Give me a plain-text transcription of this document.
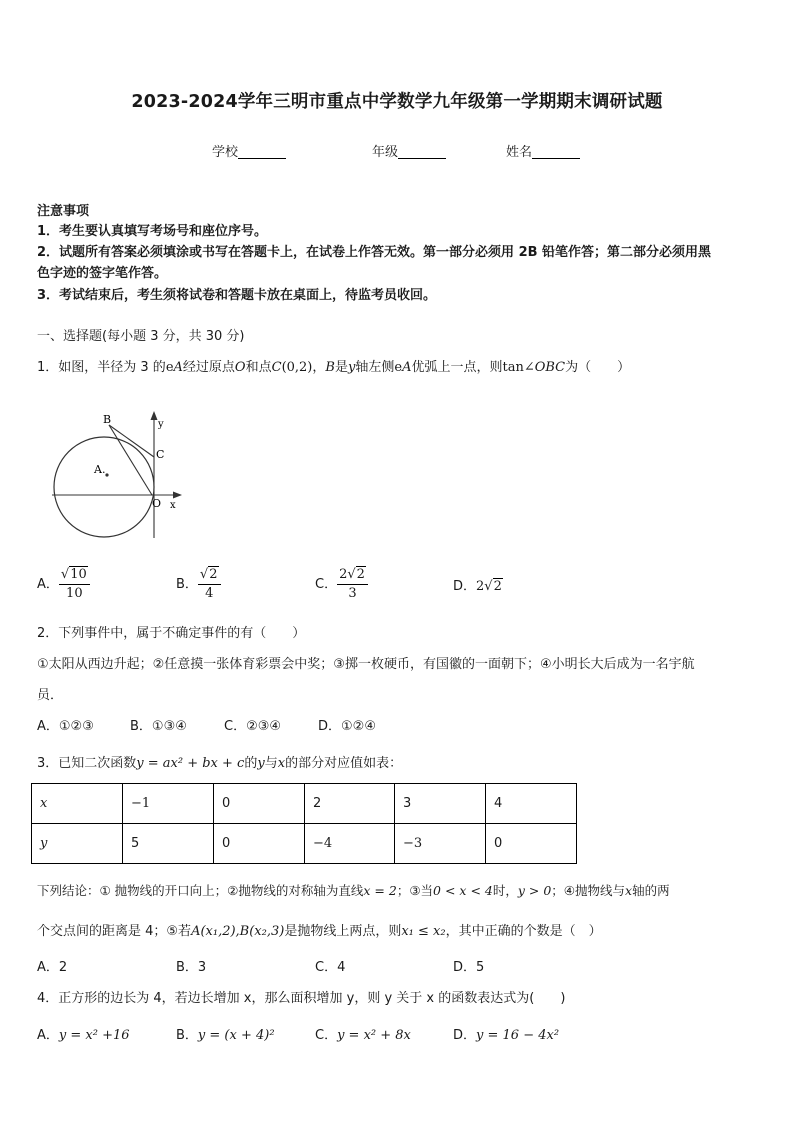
2023-2024学年三明市重点中学数学九年级第一学期期末调研试题
学校	年级	姓名
注意事项
1．考生要认真填写考场号和座位序号。
2．试题所有答案必须填涂或书写在答题卡上，在试卷上作答无效。第一部分必须用 2B 铅笔作答；第二部分必须用黑
色字迹的签字笔作答。
3．考试结束后，考生须将试卷和答题卡放在桌面上，待监考员收回。
一、选择题(每小题 3 分，共 30 分)
1．如图，半径为 3 的eA经过原点O和点C(0,2)，B是y轴左侧eA优弧上一点，则tan∠OBC为（　　）
B
C
A.
O x
y
A． $\frac{√10}{10}$	B． $\frac{√2}{4}$	C． $\frac{2√2}{3}$	D．2√2
2．下列事件中，属于不确定事件的有（　　）
①太阳从西边升起；②任意摸一张体育彩票会中奖；③掷一枚硬币，有国徽的一面朝下；④小明长大后成为一名宇航
员．
A．①②③	B．①③④	C．②③④	D．①②④
3．已知二次函数y = ax² + bx + c的y与x的部分对应值如表：
x	−1	0	2	3	4
y	5	0	−4	−3	0
下列结论：① 抛物线的开口向上；②抛物线的对称轴为直线x = 2；③当0 < x < 4时，y > 0；④抛物线与x轴的两
个交点间的距离是 4；⑤若A(x₁,2),B(x₂,3)是抛物线上两点，则x₁ ≤ x₂，其中正确的个数是（　）
A．2	B．3	C．4	D．5
4．正方形的边长为 4，若边长增加 x，那么面积增加 y，则 y 关于 x 的函数表达式为(　　)
A．y = x² +16	B．y = (x + 4)²	C．y = x² + 8x	D．y = 16 − 4x²
